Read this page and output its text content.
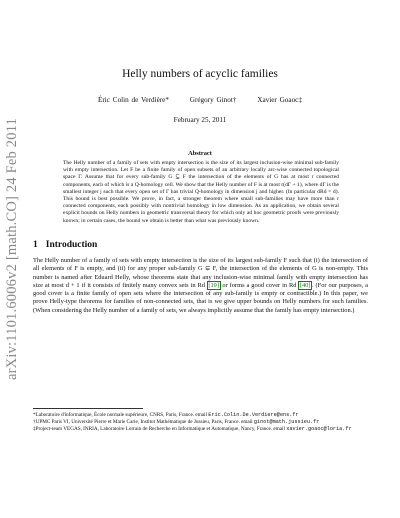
arXiv:1101.6006v2 [math.CO] 24 Feb 2011
Helly numbers of acyclic families
Éric Colin de Verdière*	Grégory Ginot†	Xavier Goaoc‡
February 25, 2011
Abstract
The Helly number of a family of sets with empty intersection is the size of its largest inclusion-wise minimal sub-family with empty intersection. Let F be a finite family of open subsets of an arbitrary locally arc-wise connected topological space Γ. Assume that for every sub-family G ⊆ F the intersection of the elements of G has at most r connected components, each of which is a Q-homology cell. We show that the Helly number of F is at most r(dΓ + 1), where dΓ is the smallest integer j such that every open set of Γ has trivial Q-homology in dimension j and higher. (In particular dRd = d). This bound is best possible. We prove, in fact, a stronger theorem where small sub-families may have more than r connected components, each possibly with nontrivial homology in low dimension. As an application, we obtain several explicit bounds on Helly numbers in geometric transversal theory for which only ad hoc geometric proofs were previously known; in certain cases, the bound we obtain is better than what was previously known.
1 Introduction
The Helly number of a family of sets with empty intersection is the size of its largest sub-family F such that (i) the intersection of all elements of F is empty, and (ii) for any proper sub-family G ⊊ F, the intersection of the elements of G is non-empty. This number is named after Eduard Helly, whose theorems state that any inclusion-wise minimal family with empty intersection has size at most d + 1 if it consists of finitely many convex sets in Rd [19] or forms a good cover in Rd [40] . (For our purposes, a good cover is a finite family of open sets where the intersection of any sub-family is empty or contractible.) In this paper, we prove Helly-type theorems for families of non-connected sets, that is we give upper bounds on Helly numbers for such families. (When considering the Helly number of a family of sets, we always implicitly assume that the family has empty intersection.)

*Laboratoire d'informatique, École normale supérieure, CNRS, Paris, France. email Eric.Colin.De.Verdiere@ens.fr

†UPMC Paris VI, Université Pierre et Marie Carie, Institut Mathématique de Jussieu, Paris, France. email ginot@math.jussieu.fr

‡Project-team VEGAS, INRIA, Laboratoire Lorrain de Recherche en Informatique et Automatique, Nancy, France. email xavier.goaoc@loria.fr
